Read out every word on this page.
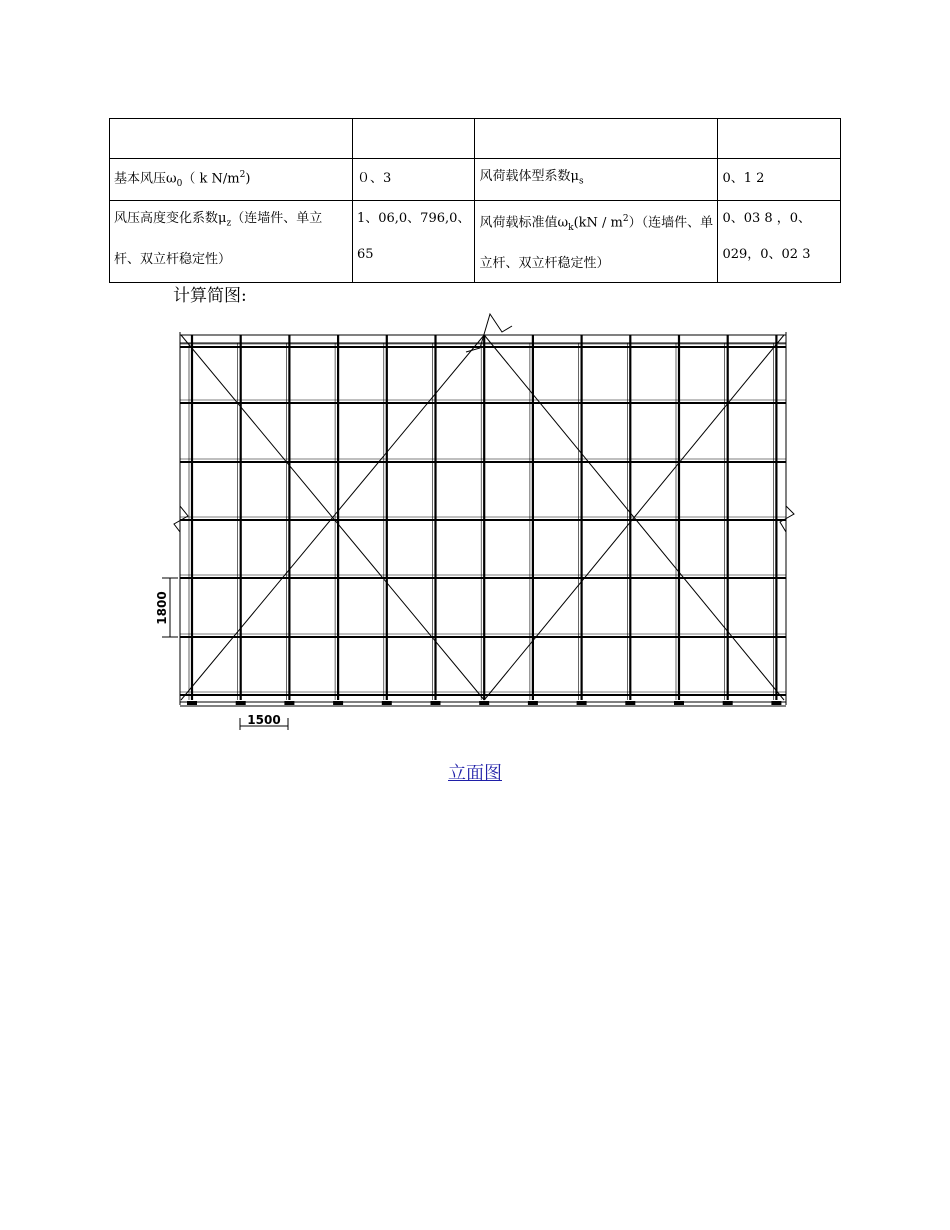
基本风压$\omega_0$（ k $N/m^2$)	０、3	风荷载体型系数$\mu_s$	0、1 2
风压高度变化系数$\mu_z$（连墙件、单立杆、双立杆稳定性）	1、06,0、796,0、 65	风荷载标准值$\omega_k(kN / m^2)$（连墙件、单立杆、双立杆稳定性）	0、03 8 ，0、029，0、02 3
计算简图:
1800
1500
立面图
